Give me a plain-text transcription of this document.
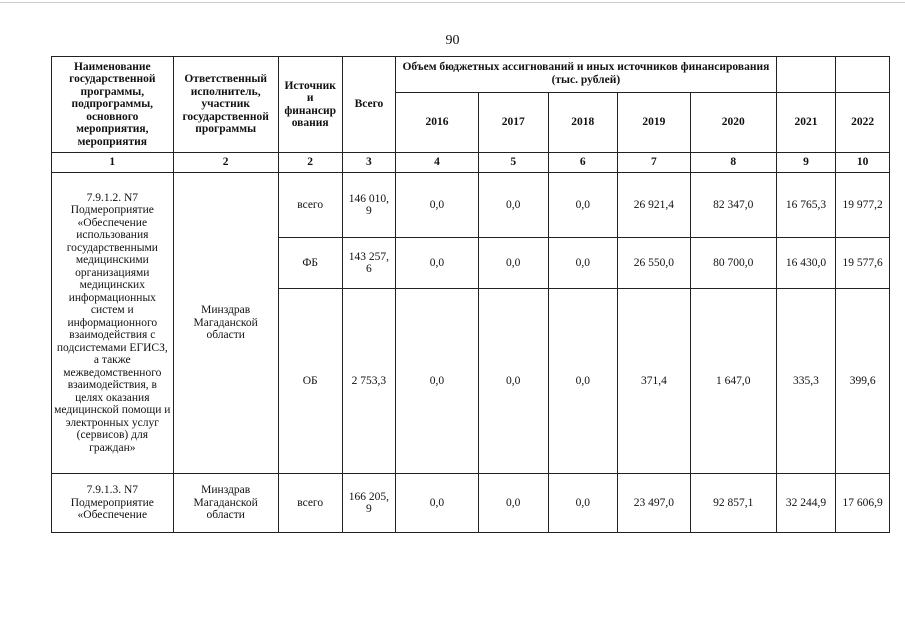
90
Наименование государственной программы, подпрограммы, основного мероприятия, мероприятия	Ответственный исполнитель, участник государственной программы	Источник и финансир ования	Всего	Объем бюджетных ассигнований и иных источников финансирования (тыс. рублей)						
				2016	2017	2018	2019	2020	2021	2022
1	2	2	3	4	5	6	7	8	9	10
7.9.1.2. N7 Подмероприятие «Обеспечение использования государственными медицинскими организациями медицинских информационных систем и информационного взаимодействия с подсистемами ЕГИСЗ, а также межведомственного взаимодействия, в целях оказания медицинской помощи и электронных услуг (сервисов) для граждан»	Минздрав Магаданской области	всего	146 010, 9	0,0	0,0	0,0	26 921,4	82 347,0	16 765,3	19 977,2
		ФБ	143 257, 6	0,0	0,0	0,0	26 550,0	80 700,0	16 430,0	19 577,6
		ОБ	2 753,3	0,0	0,0	0,0	371,4	1 647,0	335,3	399,6
7.9.1.3. N7 Подмероприятие «Обеспечение	Минздрав Магаданской области	всего	166 205, 9	0,0	0,0	0,0	23 497,0	92 857,1	32 244,9	17 606,9
